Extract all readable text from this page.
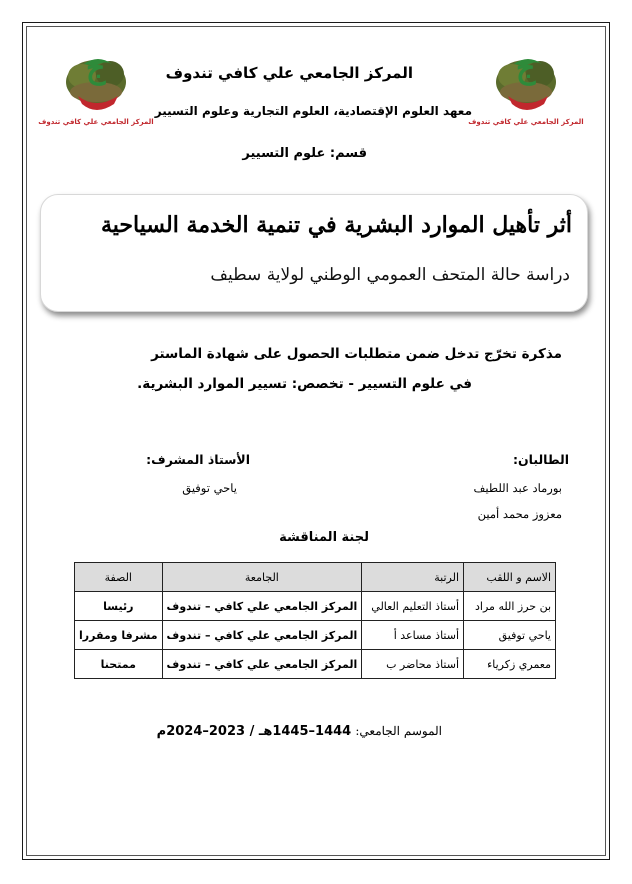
ج
المركز الجامعي علي كافي تندوف
ج
المركز الجامعي علي كافي تندوف
المركز الجامعي علي كافي تندوف
معهد العلوم الإقتصادية، العلوم التجارية وعلوم التسيير
قسم: علوم التسيير
أثر تأهيل الموارد البشرية في تنمية الخدمة السياحية
دراسة حالة المتحف العمومي الوطني لولاية سطيف
مذكرة تخرّج تدخل ضمن متطلبات الحصول على شهادة الماستر
في علوم التسيير - تخصص: تسيير الموارد البشرية.
الطالبان:
بورماد عبد اللطيف
معزوز محمد أمين
الأستاذ المشرف:
ياحي توفيق
لجنة المناقشة
الاسم و اللقب	الرتبة	الجامعة	الصفة
بن حرز الله مراد	أستاذ التعليم العالي	المركز الجامعي علي كافي – تندوف	رئيسا
ياحي توفيق	أستاذ مساعد أ	المركز الجامعي علي كافي – تندوف	مشرفا ومقررا
معمري زكرياء	أستاذ محاضر ب	المركز الجامعي علي كافي – تندوف	ممتحنا
الموسم الجامعي: 1444–1445هـ / 2023–2024م
